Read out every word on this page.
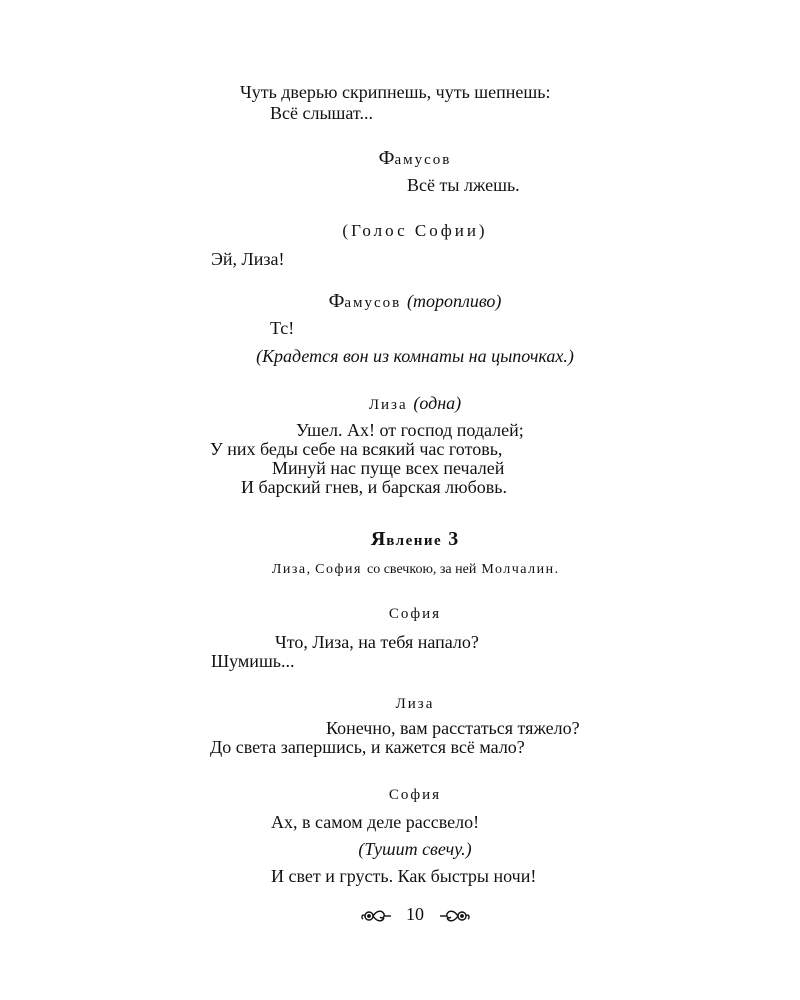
Чуть дверью скрипнешь, чуть шепнешь:
Всё слышат...
Фамусов
Всё ты лжешь.
(Голос Софии)
Эй, Лиза!
Фамусов (торопливо)
Тс!
(Крадется вон из комнаты на цыпочках.)
Лиза (одна)
Ушел. Ах! от господ подалей;
У них беды себе на всякий час готовь,
Минуй нас пуще всех печалей
И барский гнев, и барская любовь.
Явление 3
Лиза, София со свечкою, за ней Молчалин.
София
Что, Лиза, на тебя напало?
Шумишь...
Лиза
Конечно, вам расстаться тяжело?
До света запершись, и кажется всё мало?
София
Ах, в самом деле рассвело!
(Тушит свечу.)
И свет и грусть. Как быстры ночи!
10
